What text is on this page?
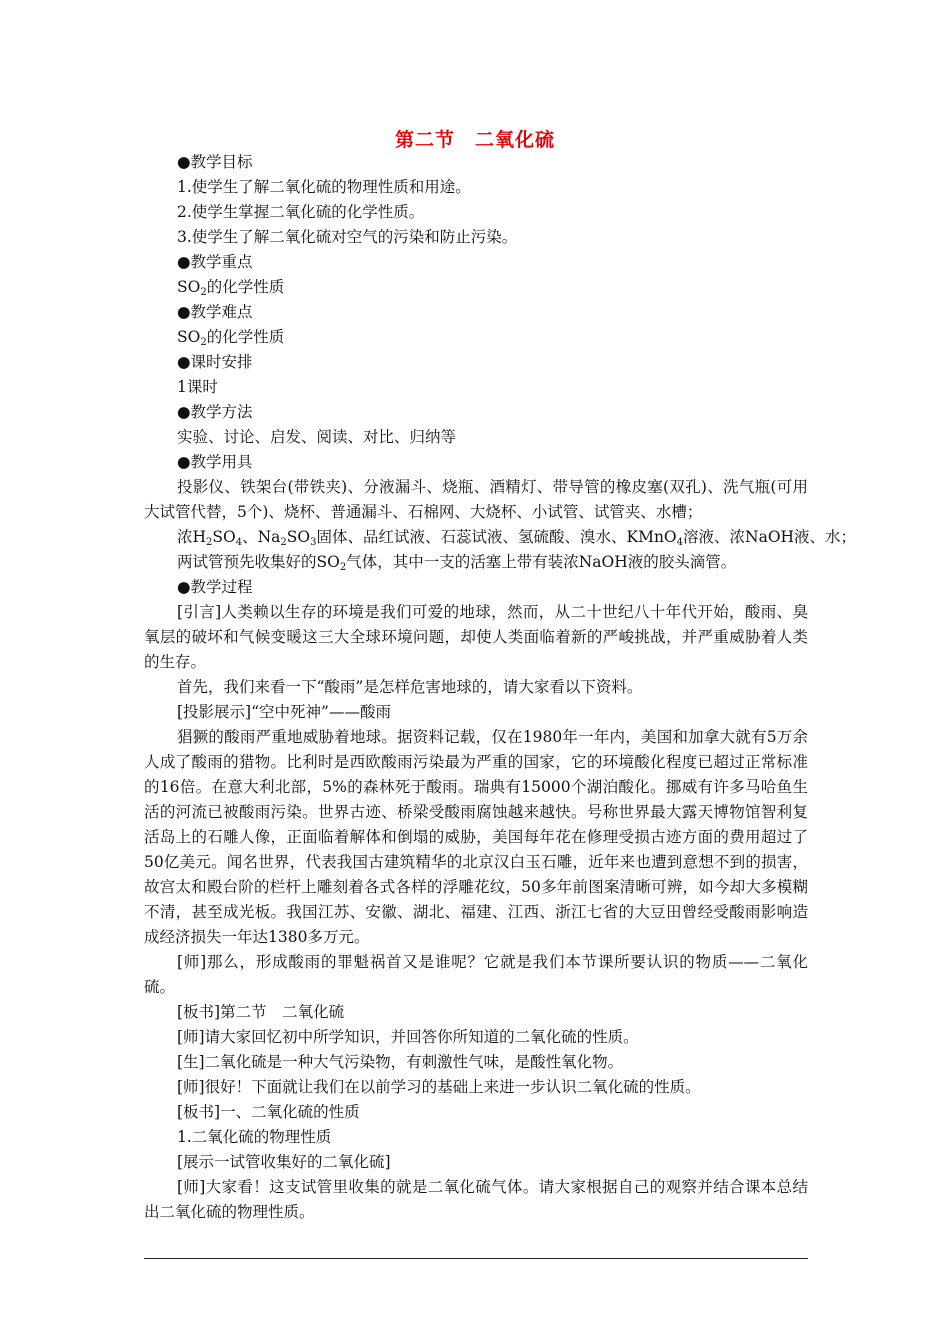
第二节　二氧化硫

●教学目标

1.使学生了解二氧化硫的物理性质和用途。

2.使学生掌握二氧化硫的化学性质。

3.使学生了解二氧化硫对空气的污染和防止污染。

●教学重点

$SO_2$的化学性质

●教学难点

$SO_2$的化学性质

●课时安排

1课时

●教学方法

实验、讨论、启发、阅读、对比、归纳等

●教学用具

投影仪、铁架台(带铁夹)、分液漏斗、烧瓶、酒精灯、带导管的橡皮塞(双孔)、洗气瓶(可用大试管代替，5个)、烧杯、普通漏斗、石棉网、大烧杯、小试管、试管夹、水槽；

浓$H_2SO_4$、$Na_2SO_3$固体、品红试液、石蕊试液、氢硫酸、溴水、KMnO$_4$溶液、浓NaOH液、水；

两试管预先收集好的$SO_2$气体，其中一支的活塞上带有装浓NaOH液的胶头滴管。

●教学过程

[引言]人类赖以生存的环境是我们可爱的地球，然而，从二十世纪八十年代开始，酸雨、臭氧层的破坏和气候变暖这三大全球环境问题，却使人类面临着新的严峻挑战，并严重威胁着人类的生存。

首先，我们来看一下“酸雨”是怎样危害地球的，请大家看以下资料。

[投影展示]“空中死神”——酸雨

猖獗的酸雨严重地威胁着地球。据资料记载，仅在1980年一年内，美国和加拿大就有5万余人成了酸雨的猎物。比利时是西欧酸雨污染最为严重的国家，它的环境酸化程度已超过正常标准的16倍。在意大利北部，5%的森林死于酸雨。瑞典有15000个湖泊酸化。挪威有许多马哈鱼生活的河流已被酸雨污染。世界古迹、桥梁受酸雨腐蚀越来越快。号称世界最大露天博物馆智利复活岛上的石雕人像，正面临着解体和倒塌的威胁，美国每年花在修理受损古迹方面的费用超过了50亿美元。闻名世界，代表我国古建筑精华的北京汉白玉石雕，近年来也遭到意想不到的损害，故宫太和殿台阶的栏杆上雕刻着各式各样的浮雕花纹，50多年前图案清晰可辨，如今却大多模糊不清，甚至成光板。我国江苏、安徽、湖北、福建、江西、浙江七省的大豆田曾经受酸雨影响造成经济损失一年达1380多万元。

[师]那么，形成酸雨的罪魁祸首又是谁呢？它就是我们本节课所要认识的物质——二氧化硫。

[板书]第二节　二氧化硫

[师]请大家回忆初中所学知识，并回答你所知道的二氧化硫的性质。

[生]二氧化硫是一种大气污染物，有刺激性气味，是酸性氧化物。

[师]很好！下面就让我们在以前学习的基础上来进一步认识二氧化硫的性质。

[板书]一、二氧化硫的性质

1.二氧化硫的物理性质

[展示一试管收集好的二氧化硫]

[师]大家看！这支试管里收集的就是二氧化硫气体。请大家根据自己的观察并结合课本总结出二氧化硫的物理性质。
